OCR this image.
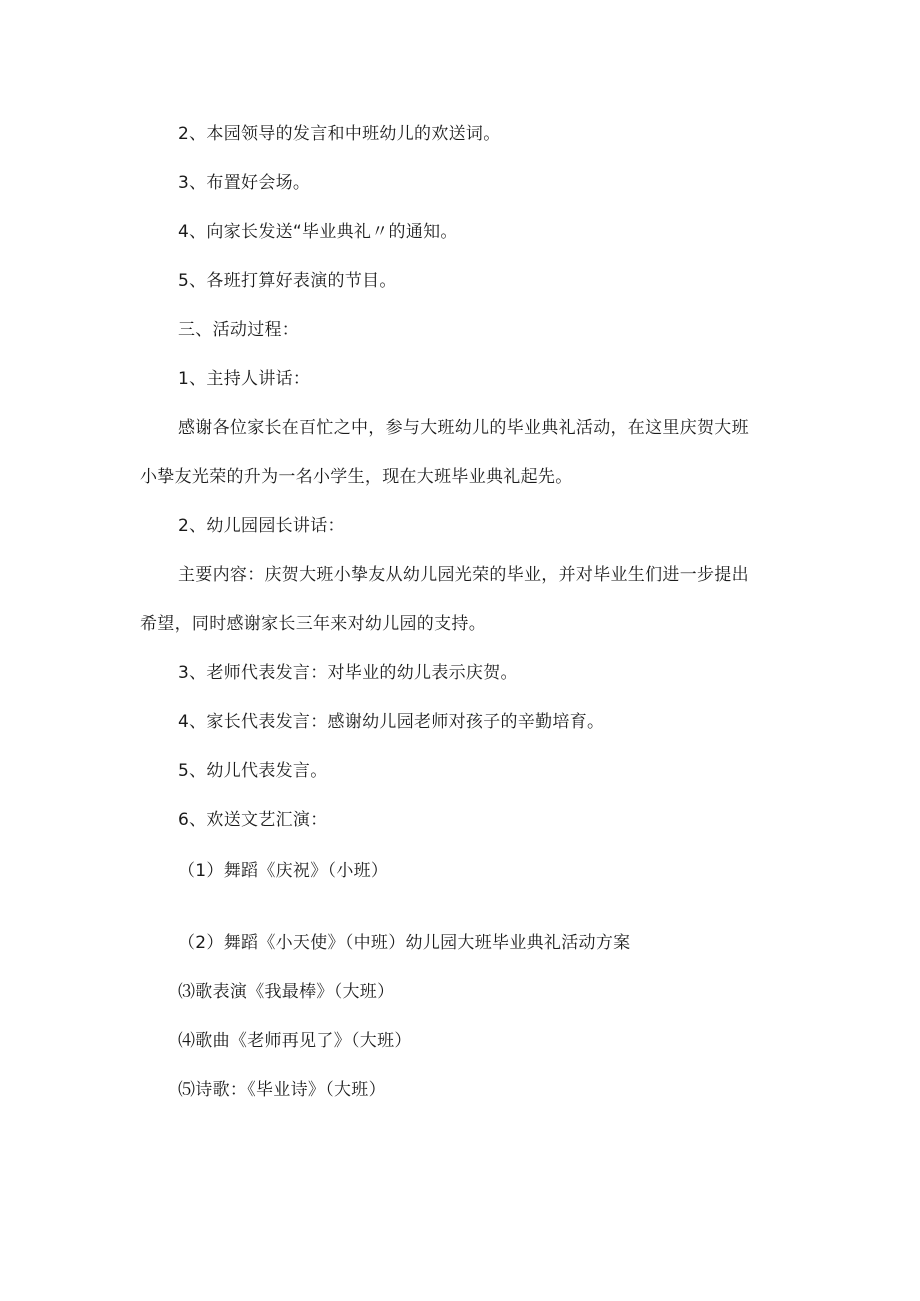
2、本园领导的发言和中班幼儿的欢送词。
3、布置好会场。
4、向家长发送“毕业典礼〃的通知。
5、各班打算好表演的节目。
三、活动过程：
1、主持人讲话：
感谢各位家长在百忙之中，参与大班幼儿的毕业典礼活动，在这里庆贺大班
小挚友光荣的升为一名小学生，现在大班毕业典礼起先。
2、幼儿园园长讲话：
主要内容：庆贺大班小挚友从幼儿园光荣的毕业，并对毕业生们进一步提出
希望，同时感谢家长三年来对幼儿园的支持。
3、老师代表发言：对毕业的幼儿表示庆贺。
4、家长代表发言：感谢幼儿园老师对孩子的辛勤培育。
5、幼儿代表发言。
6、欢送文艺汇演：
（1）舞蹈《庆祝》（小班）
（2）舞蹈《小天使》（中班）幼儿园大班毕业典礼活动方案
⑶歌表演《我最棒》（大班）
⑷歌曲《老师再见了》（大班）
⑸诗歌：《毕业诗》（大班）
